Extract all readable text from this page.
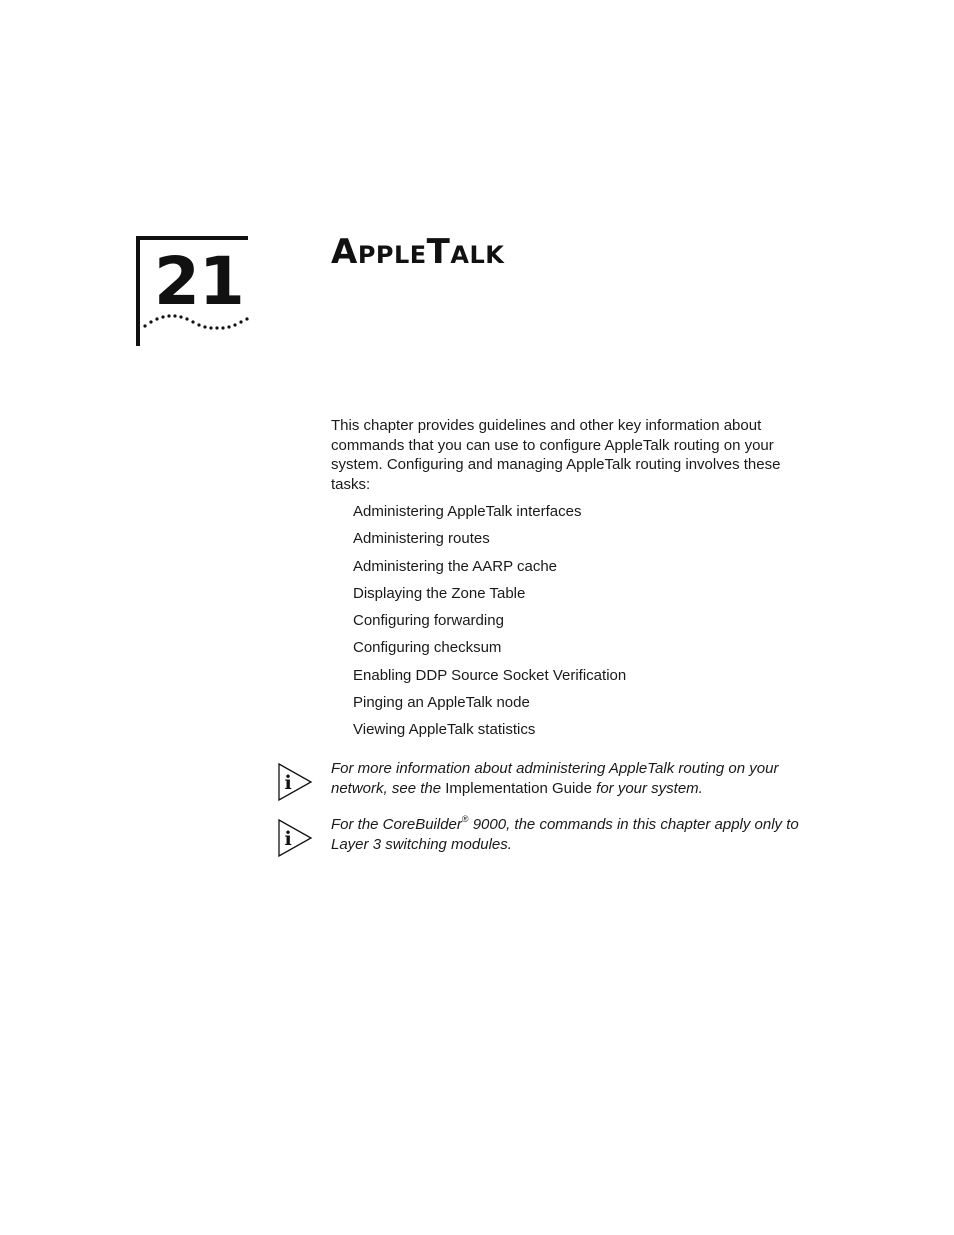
21	AppleTalk

This chapter provides guidelines and other key information about commands that you can use to configure AppleTalk routing on your system. Configuring and managing AppleTalk routing involves these tasks:

Administering AppleTalk interfaces
Administering routes
Administering the AARP cache
Displaying the Zone Table
Configuring forwarding
Configuring checksum
Enabling DDP Source Socket Verification
Pinging an AppleTalk node
Viewing AppleTalk statistics
i

For more information about administering AppleTalk routing on your network, see the Implementation Guide for your system.

i

For the CoreBuilder® 9000, the commands in this chapter apply only to Layer 3 switching modules.
